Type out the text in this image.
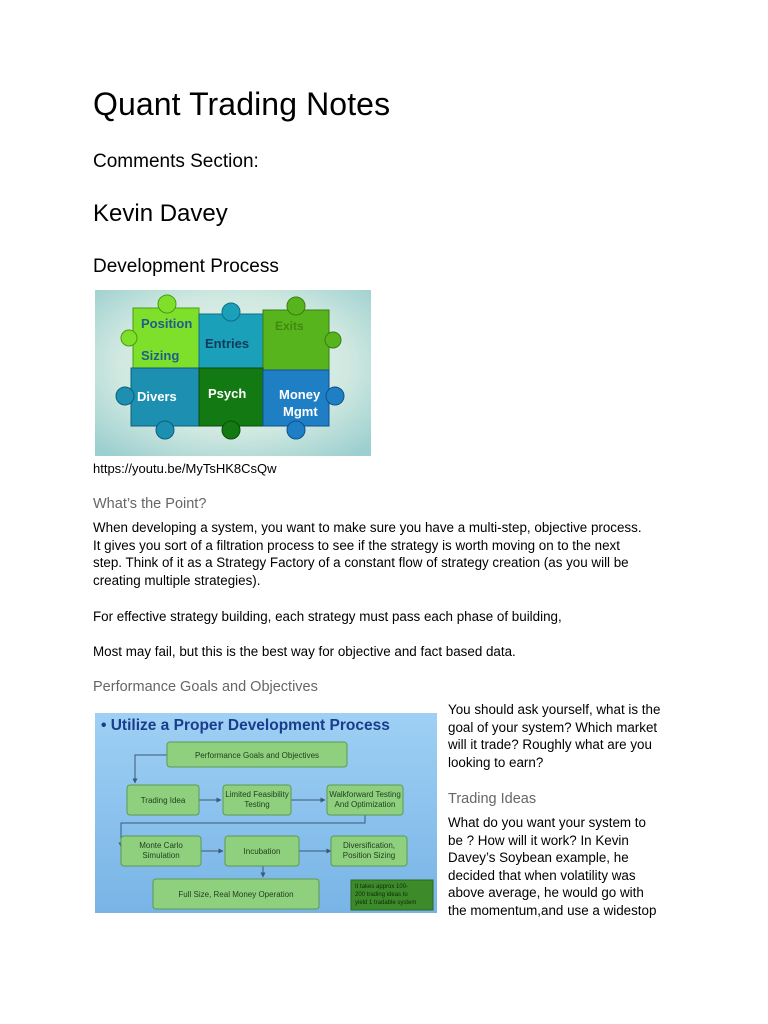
Quant Trading Notes
Comments Section:
Kevin Davey
Development Process
Position
Sizing
Entries
Exits
Divers Psych	Money
Mgmt
https://youtu.be/MyTsHK8CsQw
What’s the Point?
When developing a system, you want to make sure you have a multi-step, objective process.
It gives you sort of a filtration process to see if the strategy is worth moving on to the next
step. Think of it as a Strategy Factory of a constant flow of strategy creation (as you will be
creating multiple strategies).
For effective strategy building, each strategy must pass each phase of building,
Most may fail, but this is the best way for objective and fact based data.
Performance Goals and Objectives
• Utilize a Proper Development Process
Performance Goals and Objectives
Trading Idea
Limited Feasibility
Testing
Walkforward Testing
And Optimization
Monte Carlo
Simulation	Incubation
Diversification,
Position Sizing
Full Size, Real Money Operation
It takes approx 100-
200 trading ideas to
yield 1 tradable system
You should ask yourself, what is the
goal of your system? Which market
will it trade? Roughly what are you
looking to earn?
Trading Ideas
What do you want your system to
be ? How will it work? In Kevin
Davey’s Soybean example, he
decided that when volatility was
above average, he would go with
the momentum,and use a widestop
